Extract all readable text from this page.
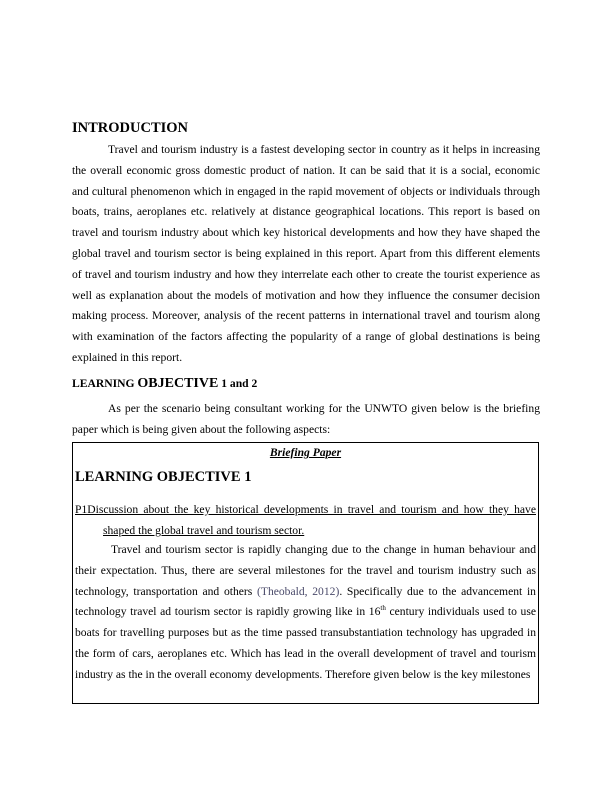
INTRODUCTION

Travel and tourism industry is a fastest developing sector in country as it helps in increasing the overall economic gross domestic product of nation. It can be said that it is a social, economic and cultural phenomenon which in engaged in the rapid movement of objects or individuals through boats, trains, aeroplanes etc. relatively at distance geographical locations. This report is based on travel and tourism industry about which key historical developments and how they have shaped the global travel and tourism sector is being explained in this report. Apart from this different elements of travel and tourism industry and how they interrelate each other to create the tourist experience as well as explanation about the models of motivation and how they influence the consumer decision making process. Moreover, analysis of the recent patterns in international travel and tourism along with examination of the factors affecting the popularity of a range of global destinations is being explained in this report.

LEARNING OBJECTIVE 1 and 2

As per the scenario being consultant working for the UNWTO given below is the briefing paper which is being given about the following aspects:

Briefing Paper
LEARNING OBJECTIVE 1

P1Discussion about the key historical developments in travel and tourism and how they have shaped the global travel and tourism sector.

Travel and tourism sector is rapidly changing due to the change in human behaviour and their expectation. Thus, there are several milestones for the travel and tourism industry such as technology, transportation and others (Theobald, 2012). Specifically due to the advancement in technology travel ad tourism sector is rapidly growing like in 16th century individuals used to use boats for travelling purposes but as the time passed transubstantiation technology has upgraded in the form of cars, aeroplanes etc. Which has lead in the overall development of travel and tourism industry as the in the overall economy developments. Therefore given below is the key milestones
